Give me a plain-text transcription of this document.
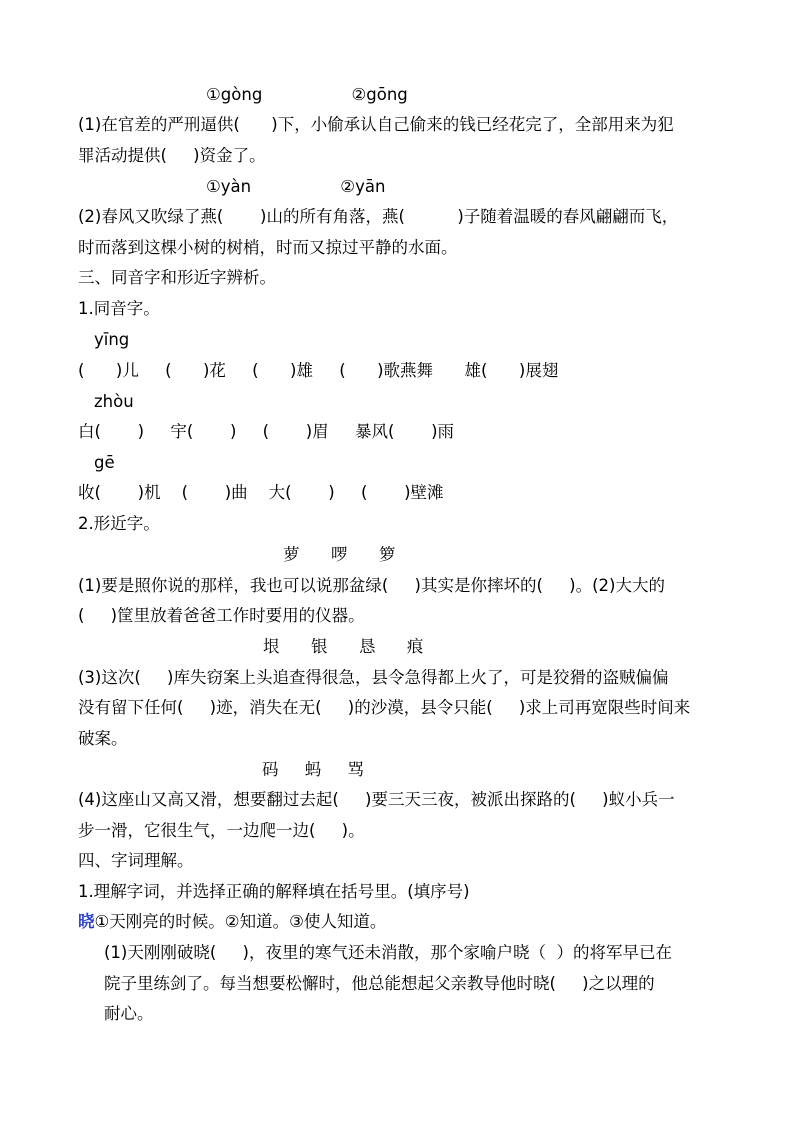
①gòng                 ②gōng
(1)在官差的严刑逼供(      )下，小偷承认自己偷来的钱已经花完了，全部用来为犯
罪活动提供(     )资金了。
①yàn                 ②yān
(2)春风又吹绿了燕(       )山的所有角落，燕(          )子随着温暖的春风翩翩而飞，
时而落到这棵小树的树梢，时而又掠过平静的水面。
三、同音字和形近字辨析。
1.同音字。
yīng
(      )儿     (      )花     (      )雄     (      )歌燕舞      雄(      )展翅
zhòu
白(       )     宇(       )     (       )眉     暴风(       )雨
gē
收(       )机    (       )曲    大(       )     (       )壁滩
2.形近字。
萝      啰      箩
(1)要是照你说的那样，我也可以说那盆绿(     )其实是你摔坏的(     )。(2)大大的
(     )筐里放着爸爸工作时要用的仪器。
垠      银      恳      痕
(3)这次(     )库失窃案上头追查得很急，县令急得都上火了，可是狡猾的盗贼偏偏
没有留下任何(     )迹，消失在无(     )的沙漠，县令只能(     )求上司再宽限些时间来
破案。
码     蚂     骂
(4)这座山又高又滑，想要翻过去起(     )要三天三夜，被派出探路的(     )蚁小兵一
步一滑，它很生气，一边爬一边(     )。
四、字词理解。
1.理解字词，并选择正确的解释填在括号里。(填序号)
晓①天刚亮的时候。②知道。③使人知道。
(1)天刚刚破晓(     )，夜里的寒气还未消散，那个家喻户晓（  ）的将军早已在
院子里练剑了。每当想要松懈时，他总能想起父亲教导他时晓(     )之以理的
耐心。
